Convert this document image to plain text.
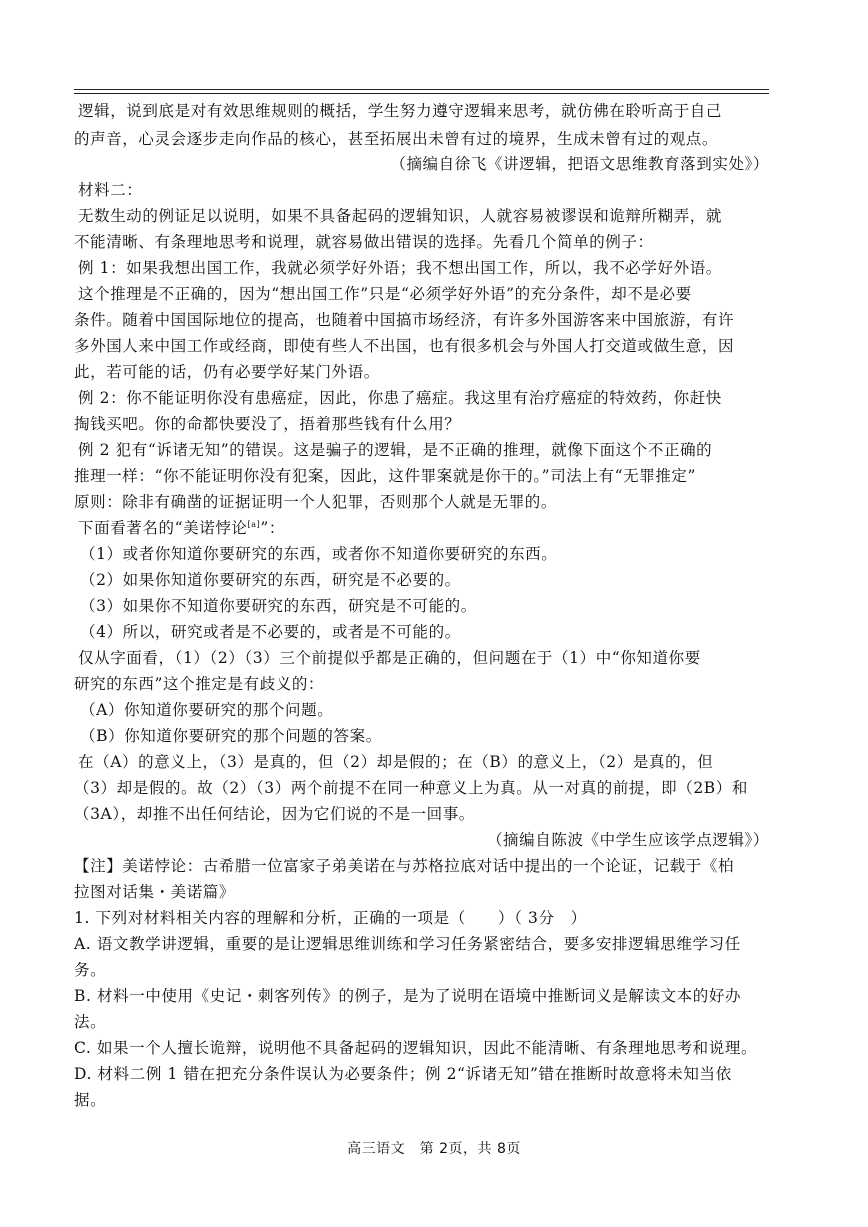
逻辑，说到底是对有效思维规则的概括，学生努力遵守逻辑来思考，就仿佛在聆听高于自己
的声音，心灵会逐步走向作品的核心，甚至拓展出未曾有过的境界，生成未曾有过的观点。
（摘编自徐飞《讲逻辑，把语文思维教育落到实处》）
材料二：
无数生动的例证足以说明，如果不具备起码的逻辑知识，人就容易被谬误和诡辩所糊弄，就
不能清晰、有条理地思考和说理，就容易做出错误的选择。先看几个简单的例子：
例 1：如果我想出国工作，我就必须学好外语；我不想出国工作，所以，我不必学好外语。
这个推理是不正确的，因为“想出国工作”只是“必须学好外语”的充分条件，却不是必要
条件。随着中国国际地位的提高，也随着中国搞市场经济，有许多外国游客来中国旅游，有许
多外国人来中国工作或经商，即使有些人不出国，也有很多机会与外国人打交道或做生意，因
此，若可能的话，仍有必要学好某门外语。
例 2：你不能证明你没有患癌症，因此，你患了癌症。我这里有治疗癌症的特效药，你赶快
掏钱买吧。你的命都快要没了，捂着那些钱有什么用？
例 2 犯有“诉诸无知”的错误。这是骗子的逻辑，是不正确的推理，就像下面这个不正确的
推理一样：“你不能证明你没有犯案，因此，这件罪案就是你干的。”司法上有“无罪推定”
原则：除非有确凿的证据证明一个人犯罪，否则那个人就是无罪的。
下面看著名的“美诺悖论[a]”：
（1）或者你知道你要研究的东西，或者你不知道你要研究的东西。
（2）如果你知道你要研究的东西，研究是不必要的。
（3）如果你不知道你要研究的东西，研究是不可能的。
（4）所以，研究或者是不必要的，或者是不可能的。
仅从字面看，（1）（2）（3）三个前提似乎都是正确的，但问题在于（1）中“你知道你要
研究的东西”这个推定是有歧义的：
（A）你知道你要研究的那个问题。
（B）你知道你要研究的那个问题的答案。
在（A）的意义上，（3）是真的，但（2）却是假的；在（B）的意义上，（2）是真的，但
（3）却是假的。故（2）（3）两个前提不在同一种意义上为真。从一对真的前提，即（2B）和
（3A），却推不出任何结论，因为它们说的不是一回事。
（摘编自陈波《中学生应该学点逻辑》）
【注】美诺悖论：古希腊一位富家子弟美诺在与苏格拉底对话中提出的一个论证，记载于《柏
拉图对话集・美诺篇》
1. 下列对材料相关内容的理解和分析，正确的一项是（　　）（ 3分　）
A. 语文教学讲逻辑，重要的是让逻辑思维训练和学习任务紧密结合，要多安排逻辑思维学习任
务。
B. 材料一中使用《史记・刺客列传》的例子，是为了说明在语境中推断词义是解读文本的好办
法。
C. 如果一个人擅长诡辩，说明他不具备起码的逻辑知识，因此不能清晰、有条理地思考和说理。
D. 材料二例 1 错在把充分条件误认为必要条件；例 2“诉诸无知”错在推断时故意将未知当依
据。
高三语文　第 2页，共 8页
